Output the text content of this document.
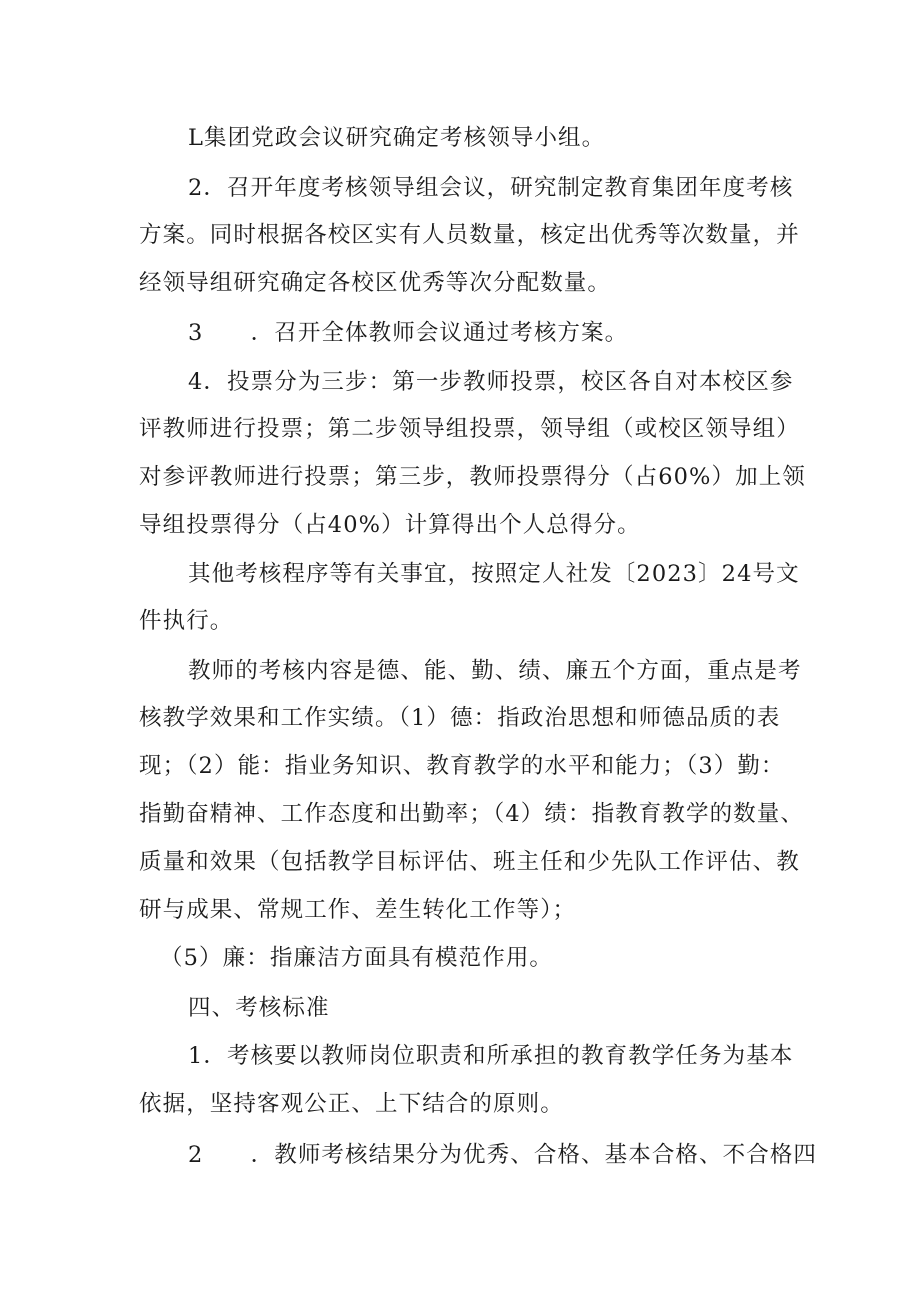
L集团党政会议研究确定考核领导小组。
2．召开年度考核领导组会议，研究制定教育集团年度考核
方案。同时根据各校区实有人员数量，核定出优秀等次数量，并
经领导组研究确定各校区优秀等次分配数量。
3　　．召开全体教师会议通过考核方案。
4．投票分为三步：第一步教师投票，校区各自对本校区参
评教师进行投票；第二步领导组投票，领导组（或校区领导组）
对参评教师进行投票；第三步，教师投票得分（占60%）加上领
导组投票得分（占40%）计算得出个人总得分。
其他考核程序等有关事宜，按照定人社发〔2023〕24号文
件执行。
教师的考核内容是德、能、勤、绩、廉五个方面，重点是考
核教学效果和工作实绩。（1）德：指政治思想和师德品质的表
现；（2）能：指业务知识、教育教学的水平和能力；（3）勤：
指勤奋精神、工作态度和出勤率；（4）绩：指教育教学的数量、
质量和效果（包括教学目标评估、班主任和少先队工作评估、教
研与成果、常规工作、差生转化工作等）；
（5）廉：指廉洁方面具有模范作用。
四、考核标准
1．考核要以教师岗位职责和所承担的教育教学任务为基本
依据，坚持客观公正、上下结合的原则。
2　　．教师考核结果分为优秀、合格、基本合格、不合格四
